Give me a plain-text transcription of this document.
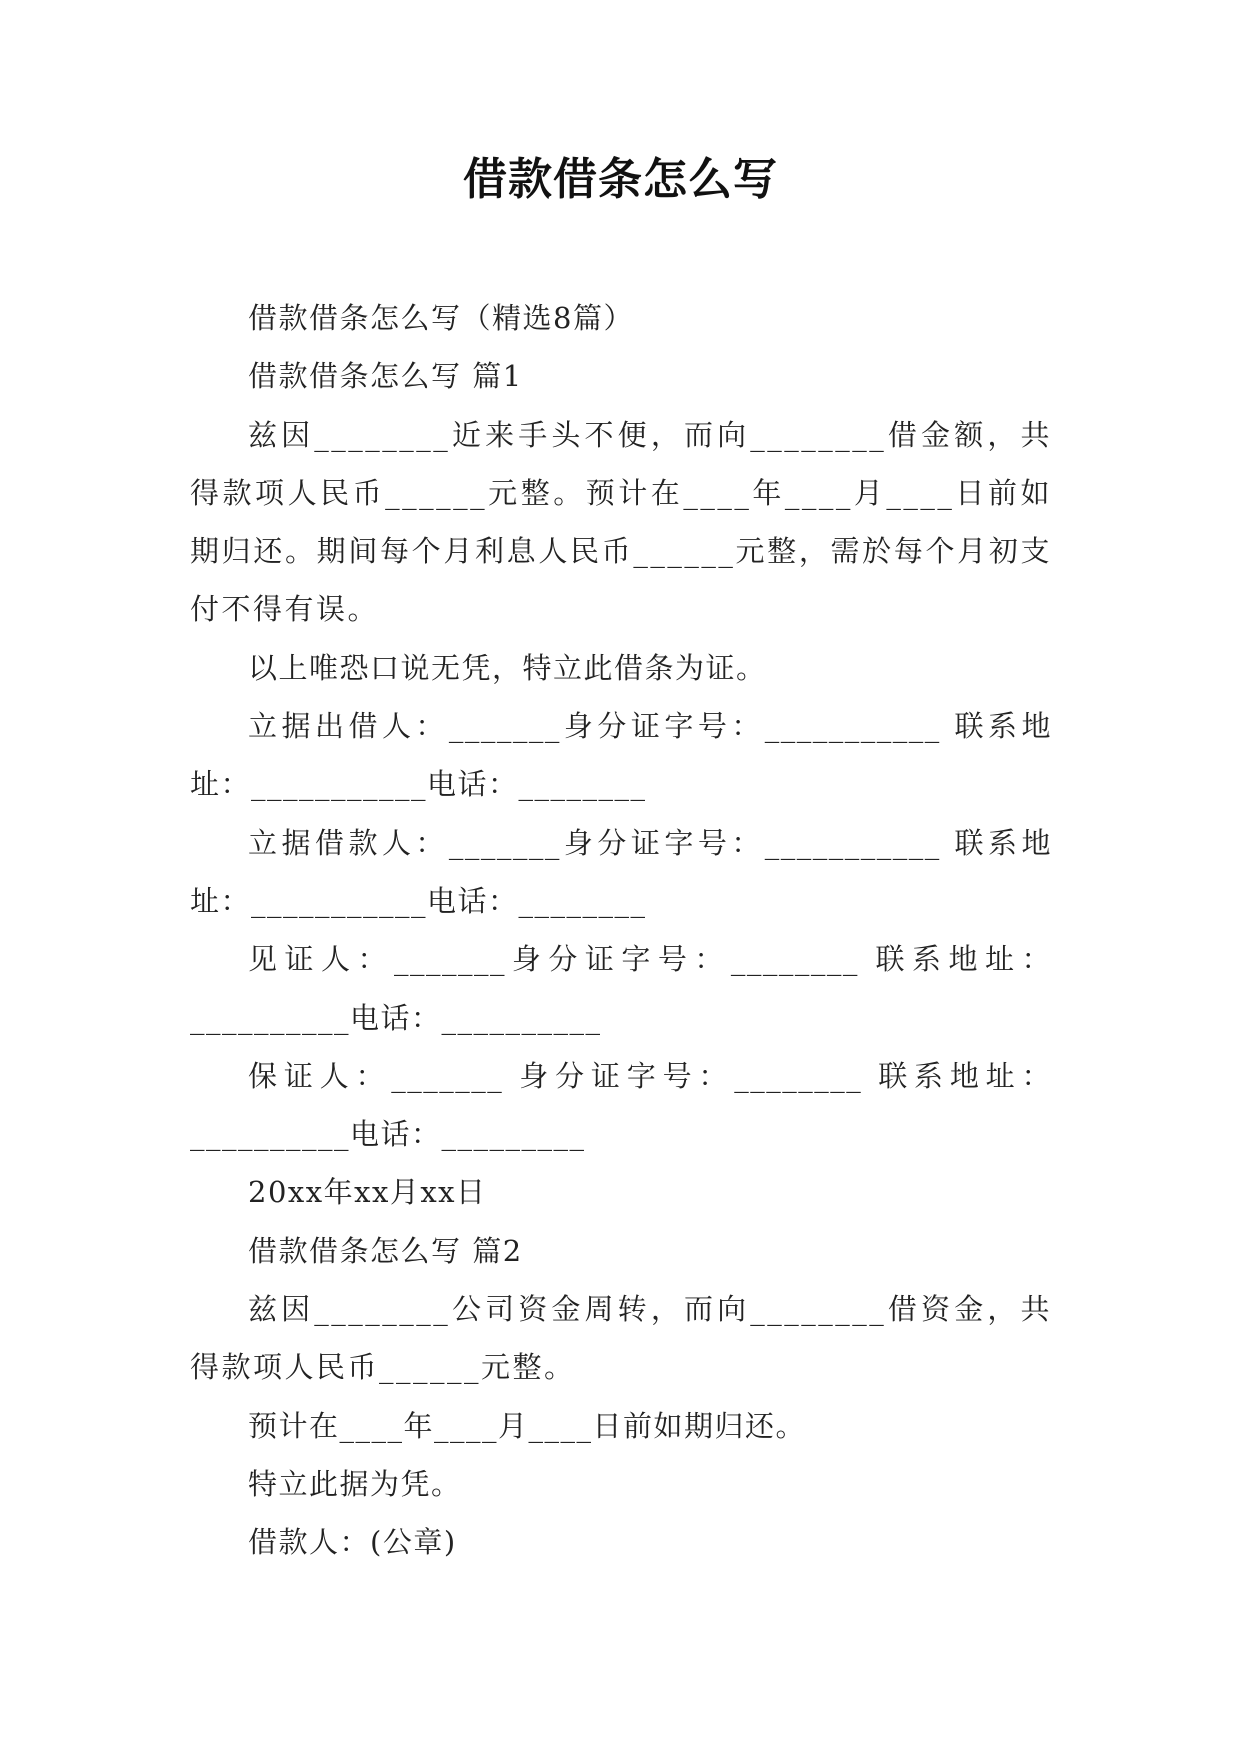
借款借条怎么写

借款借条怎么写（精选8篇）

借款借条怎么写 篇1

兹因________近来手头不便，而向________借金额，共得款项人民币______元整。预计在____年____月____日前如期归还。期间每个月利息人民币______元整，需於每个月初支付不得有误。

以上唯恐口说无凭，特立此借条为证。

立据出借人：_______身分证字号：___________ 联系地址：___________电话：________

立据借款人：_______身分证字号：___________ 联系地址：___________电话：________

见证人：_______身分证字号：________ 联系地址：__________电话：__________

保证人：_______ 身分证字号：________ 联系地址：__________电话：_________

20xx年xx月xx日

借款借条怎么写 篇2

兹因________公司资金周转，而向________借资金，共得款项人民币______元整。

预计在____年____月____日前如期归还。

特立此据为凭。

借款人：(公章)
